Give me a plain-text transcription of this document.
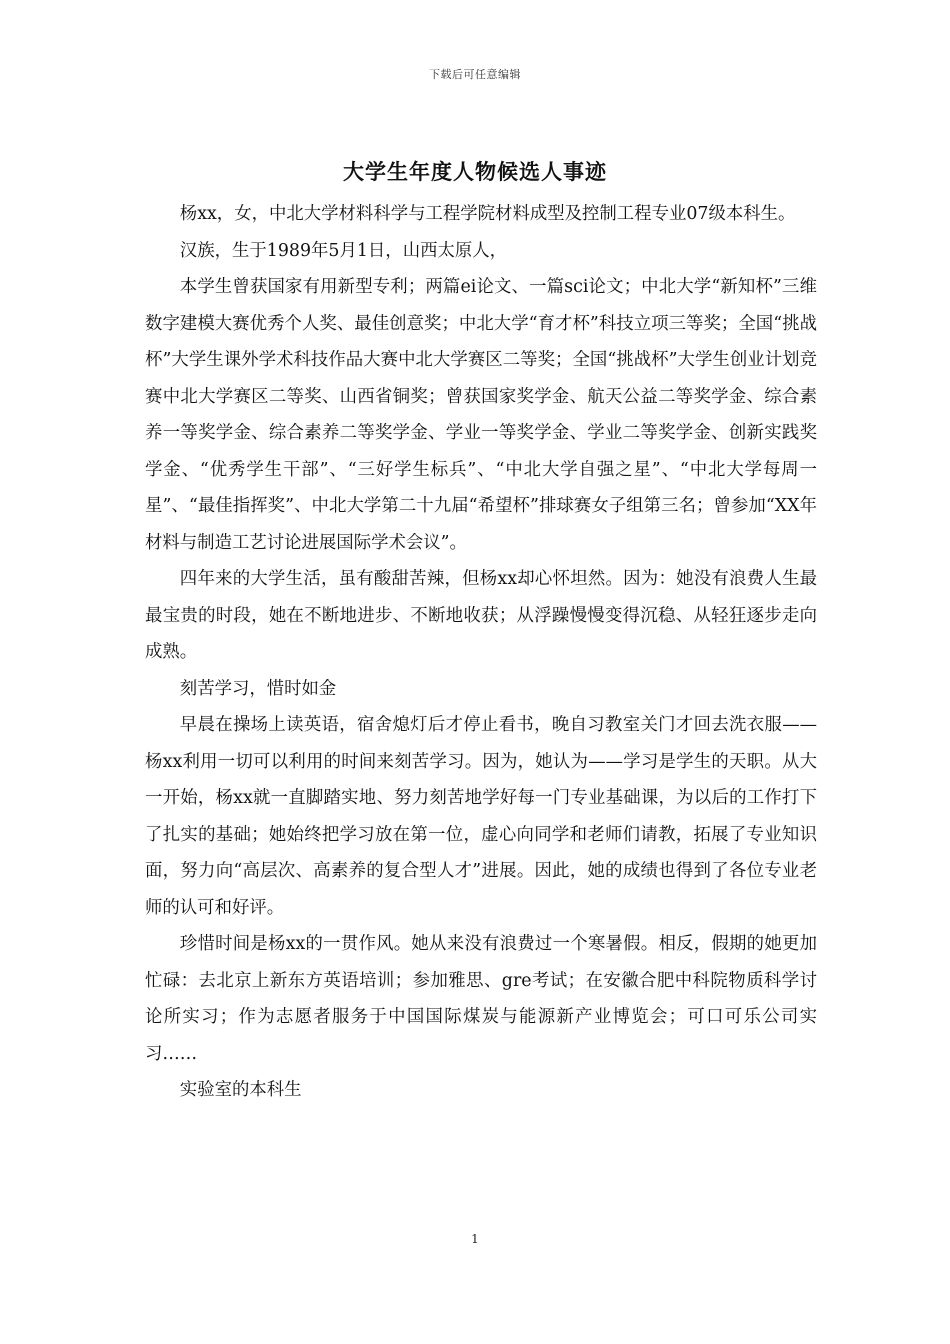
下载后可任意编辑
大学生年度人物候选人事迹

杨xx，女，中北大学材料科学与工程学院材料成型及控制工程专业07级本科生。

汉族，生于1989年5月1日，山西太原人，

本学生曾获国家有用新型专利；两篇ei论文、一篇sci论文；中北大学“新知杯”三维数字建模大赛优秀个人奖、最佳创意奖；中北大学“育才杯”科技立项三等奖；全国“挑战杯”大学生课外学术科技作品大赛中北大学赛区二等奖；全国“挑战杯”大学生创业计划竞赛中北大学赛区二等奖、山西省铜奖；曾获国家奖学金、航天公益二等奖学金、综合素养一等奖学金、综合素养二等奖学金、学业一等奖学金、学业二等奖学金、创新实践奖学金、“优秀学生干部”、“三好学生标兵”、“中北大学自强之星”、“中北大学每周一星”、“最佳指挥奖”、中北大学第二十九届“希望杯”排球赛女子组第三名；曾参加“XX年材料与制造工艺讨论进展国际学术会议”。

四年来的大学生活，虽有酸甜苦辣，但杨xx却心怀坦然。因为：她没有浪费人生最最宝贵的时段，她在不断地进步、不断地收获；从浮躁慢慢变得沉稳、从轻狂逐步走向成熟。

刻苦学习，惜时如金

早晨在操场上读英语，宿舍熄灯后才停止看书，晚自习教室关门才回去洗衣服——杨xx利用一切可以利用的时间来刻苦学习。因为，她认为——学习是学生的天职。从大一开始，杨xx就一直脚踏实地、努力刻苦地学好每一门专业基础课，为以后的工作打下了扎实的基础；她始终把学习放在第一位，虚心向同学和老师们请教，拓展了专业知识面，努力向“高层次、高素养的复合型人才”进展。因此，她的成绩也得到了各位专业老师的认可和好评。

珍惜时间是杨xx的一贯作风。她从来没有浪费过一个寒暑假。相反，假期的她更加忙碌：去北京上新东方英语培训；参加雅思、gre考试；在安徽合肥中科院物质科学讨论所实习；作为志愿者服务于中国国际煤炭与能源新产业博览会；可口可乐公司实习……

实验室的本科生

1
